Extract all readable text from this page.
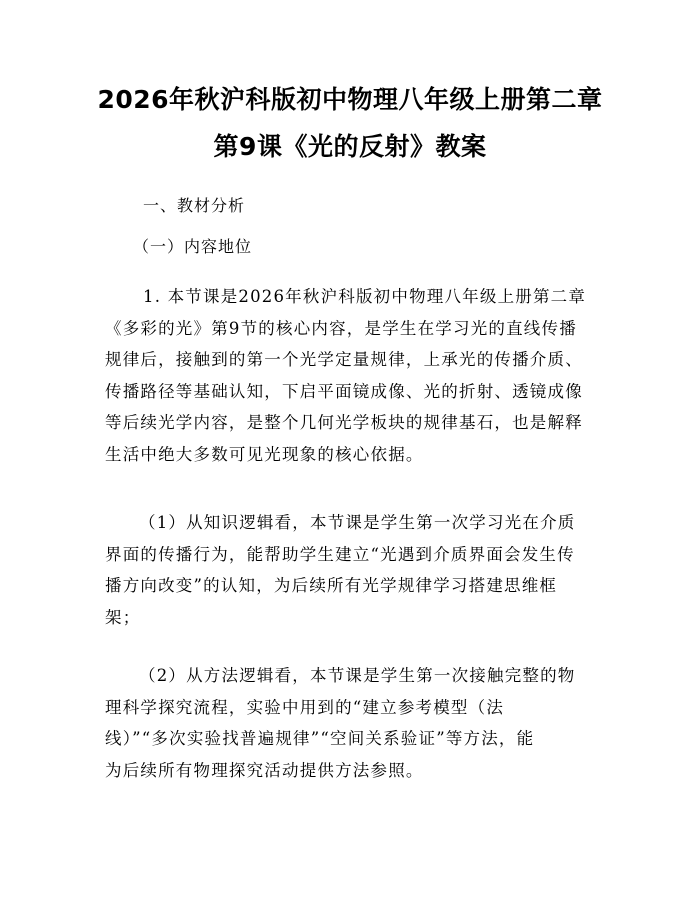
2026年秋沪科版初中物理八年级上册第二章
第9课《光的反射》教案
一、教材分析
（一）内容地位
1. 本节课是2026年秋沪科版初中物理八年级上册第二章
《多彩的光》第9节的核心内容，是学生在学习光的直线传播
规律后，接触到的第一个光学定量规律，上承光的传播介质、
传播路径等基础认知，下启平面镜成像、光的折射、透镜成像
等后续光学内容，是整个几何光学板块的规律基石，也是解释
生活中绝大多数可见光现象的核心依据。
（1）从知识逻辑看，本节课是学生第一次学习光在介质
界面的传播行为，能帮助学生建立“光遇到介质界面会发生传
播方向改变”的认知，为后续所有光学规律学习搭建思维框
架；
（2）从方法逻辑看，本节课是学生第一次接触完整的物
理科学探究流程，实验中用到的“建立参考模型（法
线）”“多次实验找普遍规律”“空间关系验证”等方法，能
为后续所有物理探究活动提供方法参照。
